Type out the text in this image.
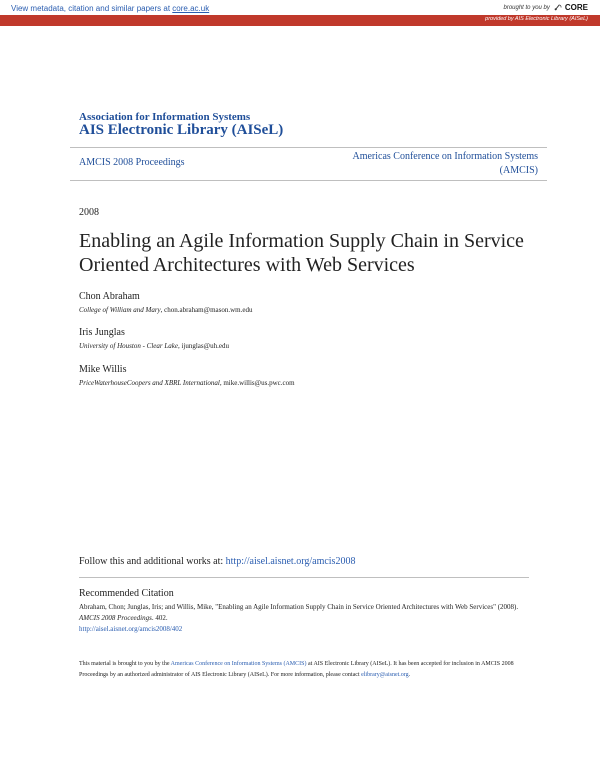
View metadata, citation and similar papers at core.ac.uk	brought to you by CORE
provided by AIS Electronic Library (AISeL)
Association for Information Systems
AIS Electronic Library (AISeL)
AMCIS 2008 Proceedings
Americas Conference on Information Systems
(AMCIS)
2008
Enabling an Agile Information Supply Chain in Service Oriented Architectures with Web Services
Chon Abraham
College of William and Mary, chon.abraham@mason.wm.edu
Iris Junglas
University of Houston - Clear Lake, ijunglas@uh.edu
Mike Willis
PriceWaterhouseCoopers and XBRL International, mike.willis@us.pwc.com
Follow this and additional works at: http://aisel.aisnet.org/amcis2008
Recommended Citation
Abraham, Chon; Junglas, Iris; and Willis, Mike, "Enabling an Agile Information Supply Chain in Service Oriented Architectures with Web Services" (2008). AMCIS 2008 Proceedings. 402.
http://aisel.aisnet.org/amcis2008/402
This material is brought to you by the Americas Conference on Information Systems (AMCIS) at AIS Electronic Library (AISeL). It has been accepted for inclusion in AMCIS 2008 Proceedings by an authorized administrator of AIS Electronic Library (AISeL). For more information, please contact elibrary@aisnet.org.
